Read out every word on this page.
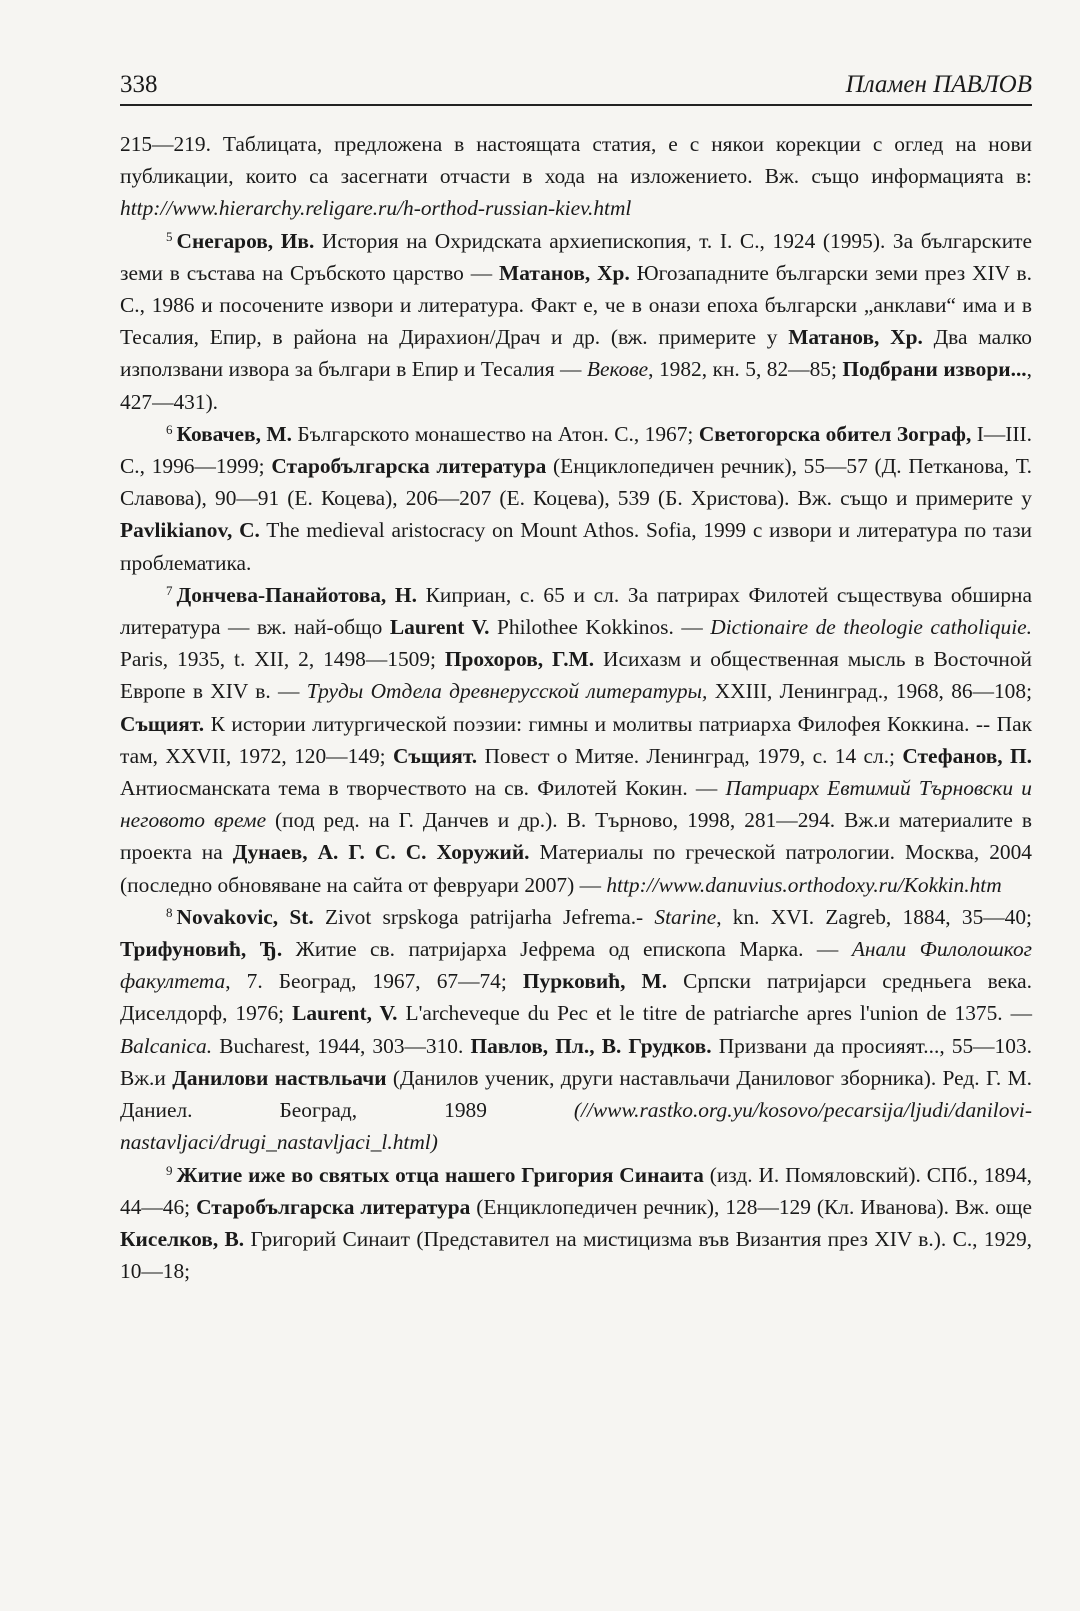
338	Пламен ПАВЛОВ

215—219. Таблицата, предложена в настоящата статия, е с някои корекции с оглед на нови публикации, които са засегнати отчасти в хода на изложението. Вж. също информацията в: http://www.hierarchy.religare.ru/h-orthod-russian-kiev.html

$^5$ Снегаров, Ив. История на Охридската архиепископия, т. I. С., 1924 (1995). За българските земи в състава на Сръбското царство — Матанов, Хр. Югозападните български земи през XIV в. С., 1986 и посочените извори и литература. Факт е, че в онази епоха български „анклави“ има и в Тесалия, Епир, в района на Дирахион/Драч и др. (вж. примерите у Матанов, Хр. Два малко използвани извора за българи в Епир и Тесалия — Векове, 1982, кн. 5, 82—85; Подбрани извори..., 427—431).

$^6$ Ковачев, М. Българското монашество на Атон. С., 1967; Светогорска обител Зограф, I—III. С., 1996—1999; Старобългарска литература (Енциклопедичен речник), 55—57 (Д. Петканова, Т. Славова), 90—91 (Е. Коцева), 206—207 (Е. Коцева), 539 (Б. Христова). Вж. също и примерите у Pavlikianov, C. The medieval aristocracy on Mount Athos. Sofia, 1999 с извори и литература по тази проблематика.

$^7$ Дончева-Панайотова, Н. Киприан, с. 65 и сл. За патрирах Филотей съществува обширна литература — вж. най-общо Laurent V. Philothee Kokkinos. — Dictionaire de theologie catholiquie. Paris, 1935, t. XII, 2, 1498—1509; Прохоров, Г.М. Исихазм и общественная мысль в Восточной Европе в XIV в. — Труды Отдела древнерусской литературы, XXIII, Ленинград., 1968, 86—108; Същият. К истории литургической поэзии: гимны и молитвы патриарха Филофея Коккина. -- Пак там, XXVII, 1972, 120—149; Същият. Повест о Митяе. Ленинград, 1979, с. 14 сл.; Стефанов, П. Антиосманската тема в творчеството на св. Филотей Кокин. — Патриарх Евтимий Търновски и неговото време (под ред. на Г. Данчев и др.). В. Търново, 1998, 281—294. Вж.и материалите в проекта на Дунаев, А. Г. С. С. Хоружий. Материалы по греческой патрологии. Москва, 2004 (последно обновяване на сайта от февруари 2007) — http://www.danuvius.orthodoxy.ru/Kokkin.htm

$^8$ Novakovic, St. Zivot srpskoga patrijarha Jefrema.- Starine, kn. XVI. Zagreb, 1884, 35—40; Трифуновић, Ђ. Житие св. патријарха Јефрема од епископа Марка. — Анали Филолошког факултета, 7. Београд, 1967, 67—74; Пурковић, М. Српски патријарси средньега века. Диселдорф, 1976; Laurent, V. L'archeveque du Pec et le titre de patriarche apres l'union de 1375. — Balcanica. Bucharest, 1944, 303—310. Павлов, Пл., В. Грудков. Призвани да просияят..., 55—103. Вж.и Данилови наствльачи (Данилов ученик, други наставльачи Даниловог зборника). Ред. Г. М. Даниел. Београд, 1989 (//www.rastko.org.yu/kosovo/pecarsija/ljudi/danilovi-nastavljaci/drugi_nastavljaci_l.html)

$^9$ Житие иже во святых отца нашего Григория Синаита (изд. И. Помяловский). СПб., 1894, 44—46; Старобългарска литература (Енциклопедичен речник), 128—129 (Кл. Иванова). Вж. още Киселков, В. Григорий Синаит (Представител на мистицизма във Византия през XIV в.). С., 1929, 10—18;
